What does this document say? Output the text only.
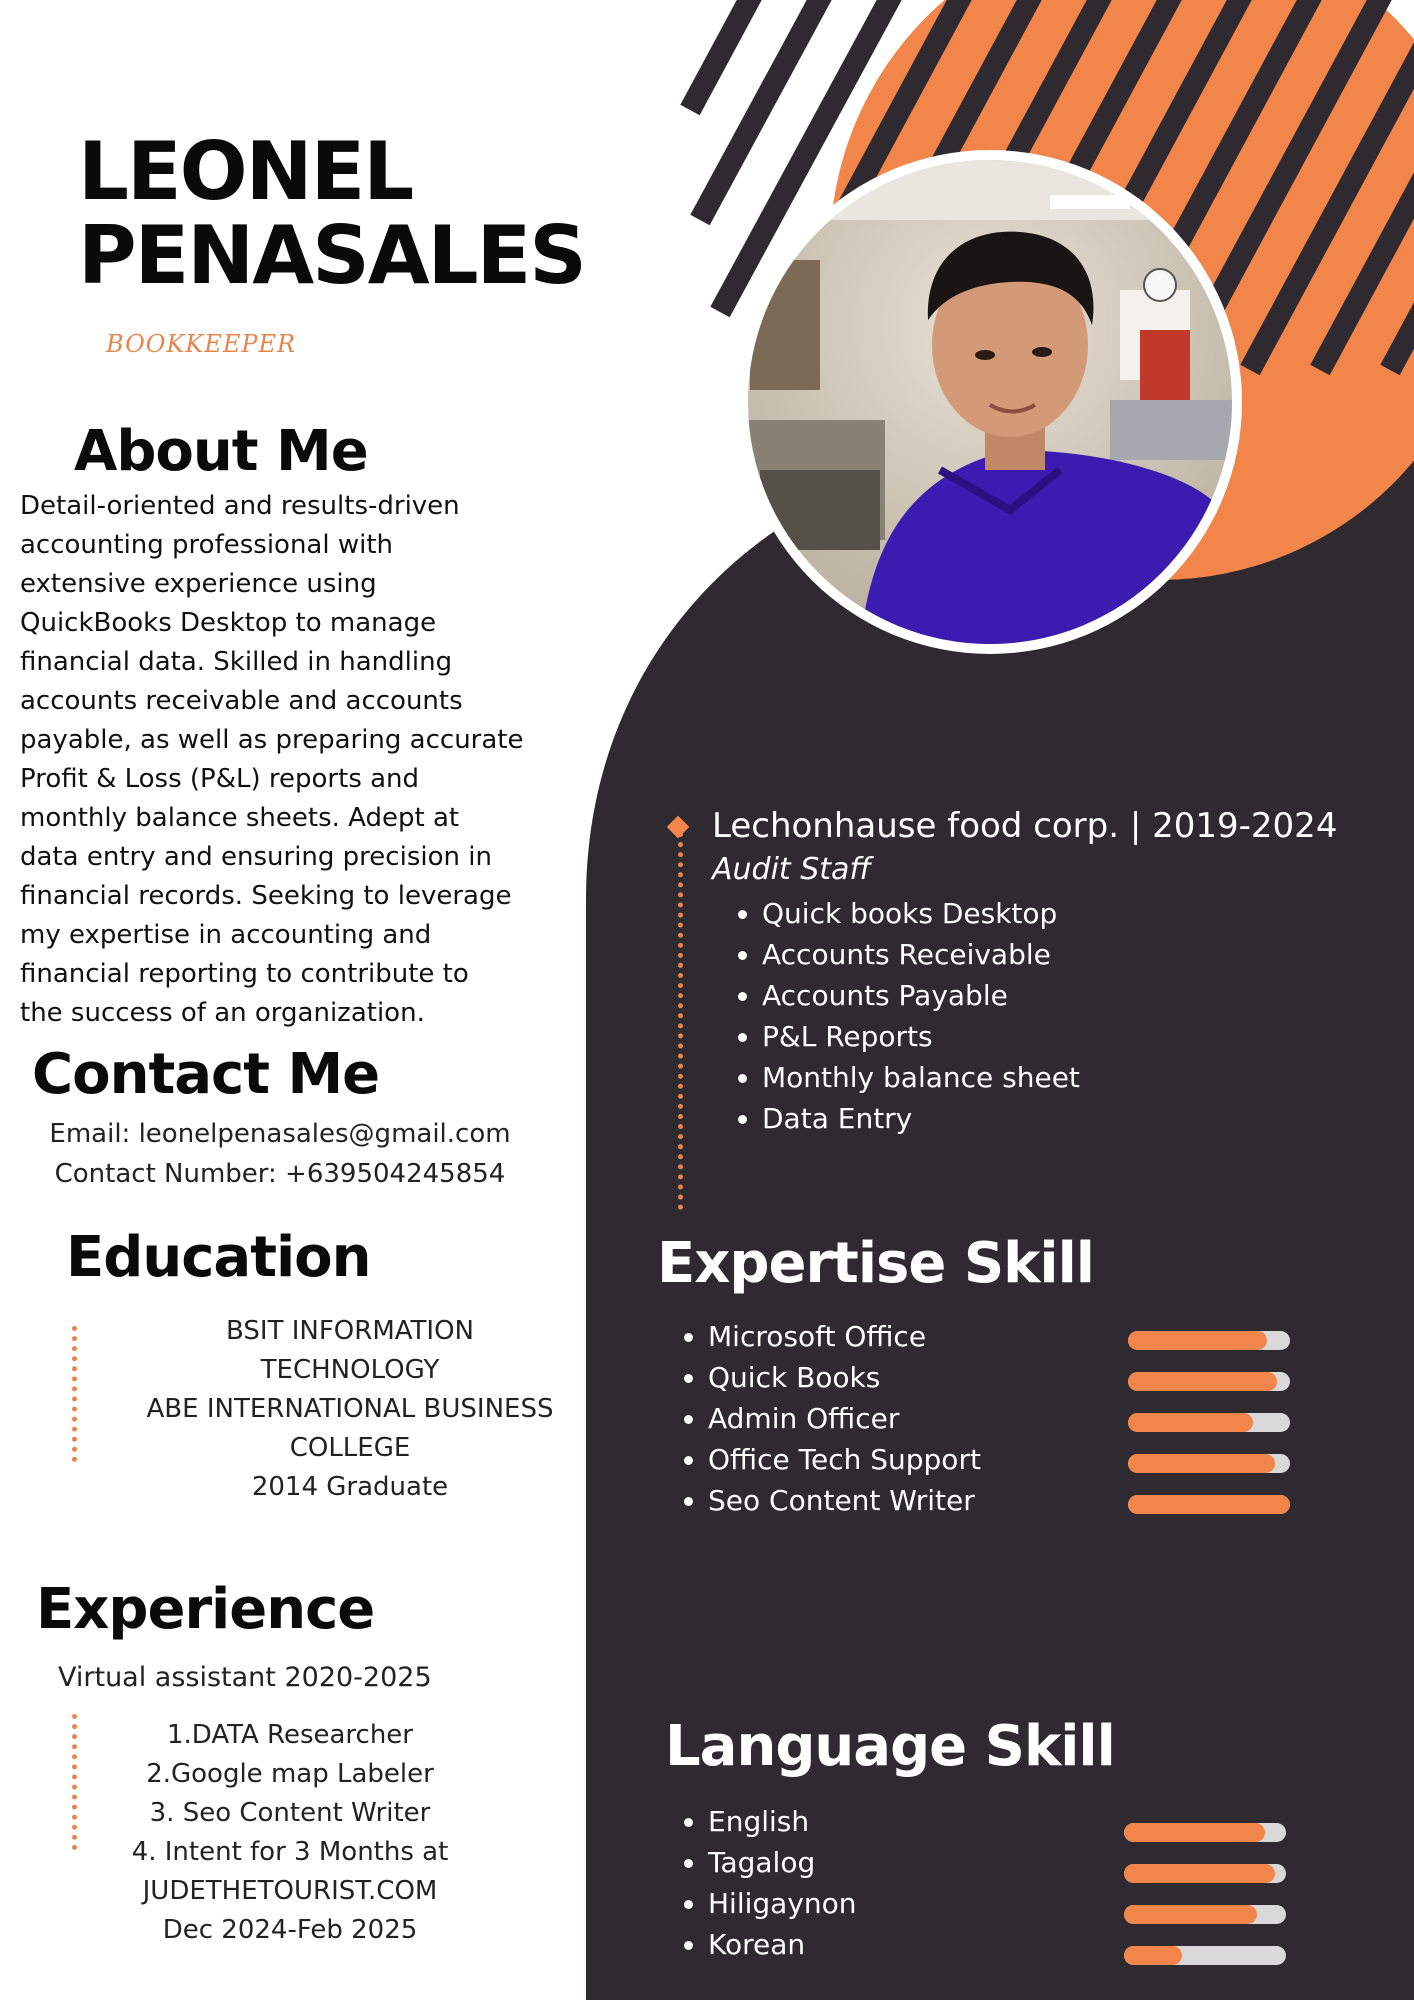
LEONEL
PENASALES
BOOKKEEPER
About Me
Detail-oriented and results-driven
accounting professional with
extensive experience using
QuickBooks Desktop to manage
financial data. Skilled in handling
accounts receivable and accounts
payable, as well as preparing accurate
Profit & Loss (P&L) reports and
monthly balance sheets. Adept at
data entry and ensuring precision in
financial records. Seeking to leverage
my expertise in accounting and
financial reporting to contribute to
the success of an organization.
Contact Me
Email: leonelpenasales@gmail.com
Contact Number: +639504245854
Education
BSIT INFORMATION
TECHNOLOGY
ABE INTERNATIONAL BUSINESS
COLLEGE
2014 Graduate
Experience
Virtual assistant 2020-2025
1.DATA Researcher
2.Google map Labeler
3. Seo Content Writer
4. Intent for 3 Months at
JUDETHETOURIST.COM
Dec 2024-Feb 2025
Lechonhause food corp. | 2019-2024
Audit Staff
• Quick books Desktop
• Accounts Receivable
• Accounts Payable
• P&L Reports
• Monthly balance sheet
• Data Entry
Expertise Skill
• Microsoft Office
• Quick Books
• Admin Officer
• Office Tech Support
• Seo Content Writer
Language Skill
• English
• Tagalog
• Hiligaynon
• Korean
